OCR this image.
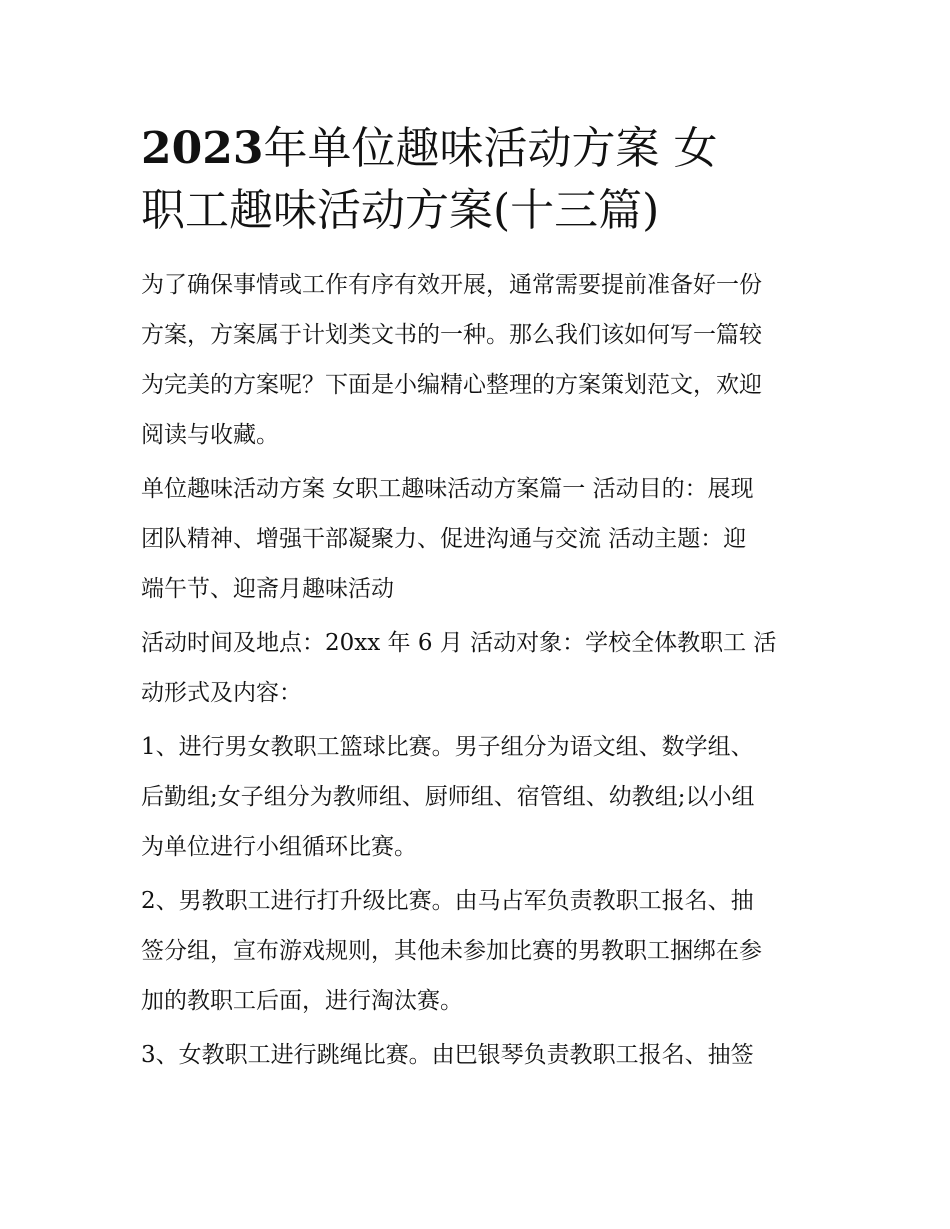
2023年单位趣味活动方案 女
职工趣味活动方案(十三篇)

为了确保事情或工作有序有效开展，通常需要提前准备好一份
方案，方案属于计划类文书的一种。那么我们该如何写一篇较
为完美的方案呢？下面是小编精心整理的方案策划范文，欢迎
阅读与收藏。

单位趣味活动方案 女职工趣味活动方案篇一 活动目的：展现
团队精神、增强干部凝聚力、促进沟通与交流 活动主题：迎
端午节、迎斋月趣味活动

活动时间及地点：20xx 年 6 月 活动对象：学校全体教职工 活
动形式及内容：

1、进行男女教职工篮球比赛。男子组分为语文组、数学组、
后勤组;女子组分为教师组、厨师组、宿管组、幼教组;以小组
为单位进行小组循环比赛。

2、男教职工进行打升级比赛。由马占军负责教职工报名、抽
签分组，宣布游戏规则，其他未参加比赛的男教职工捆绑在参
加的教职工后面，进行淘汰赛。

3、女教职工进行跳绳比赛。由巴银琴负责教职工报名、抽签
